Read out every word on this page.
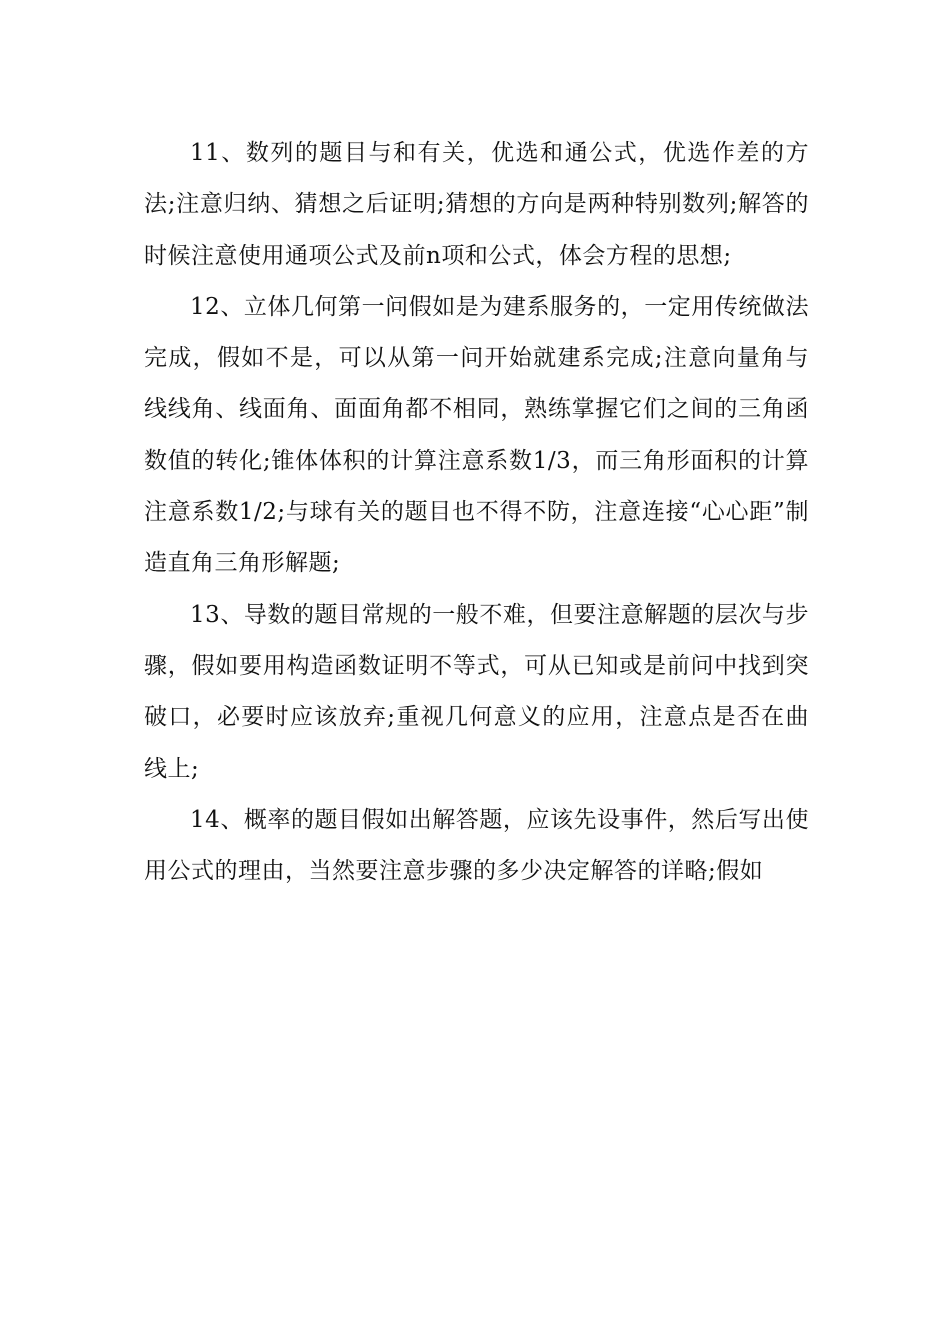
11、数列的题目与和有关，优选和通公式，优选作差的方法;注意归纳、猜想之后证明;猜想的方向是两种特别数列;解答的时候注意使用通项公式及前n项和公式，体会方程的思想;

12、立体几何第一问假如是为建系服务的，一定用传统做法完成，假如不是，可以从第一问开始就建系完成;注意向量角与线线角、线面角、面面角都不相同，熟练掌握它们之间的三角函数值的转化;锥体体积的计算注意系数1/3，而三角形面积的计算注意系数1/2;与球有关的题目也不得不防，注意连接“心心距”制造直角三角形解题;

13、导数的题目常规的一般不难，但要注意解题的层次与步骤，假如要用构造函数证明不等式，可从已知或是前问中找到突破口，必要时应该放弃;重视几何意义的应用，注意点是否在曲线上;

14、概率的题目假如出解答题，应该先设事件，然后写出使用公式的理由，当然要注意步骤的多少决定解答的详略;假如
